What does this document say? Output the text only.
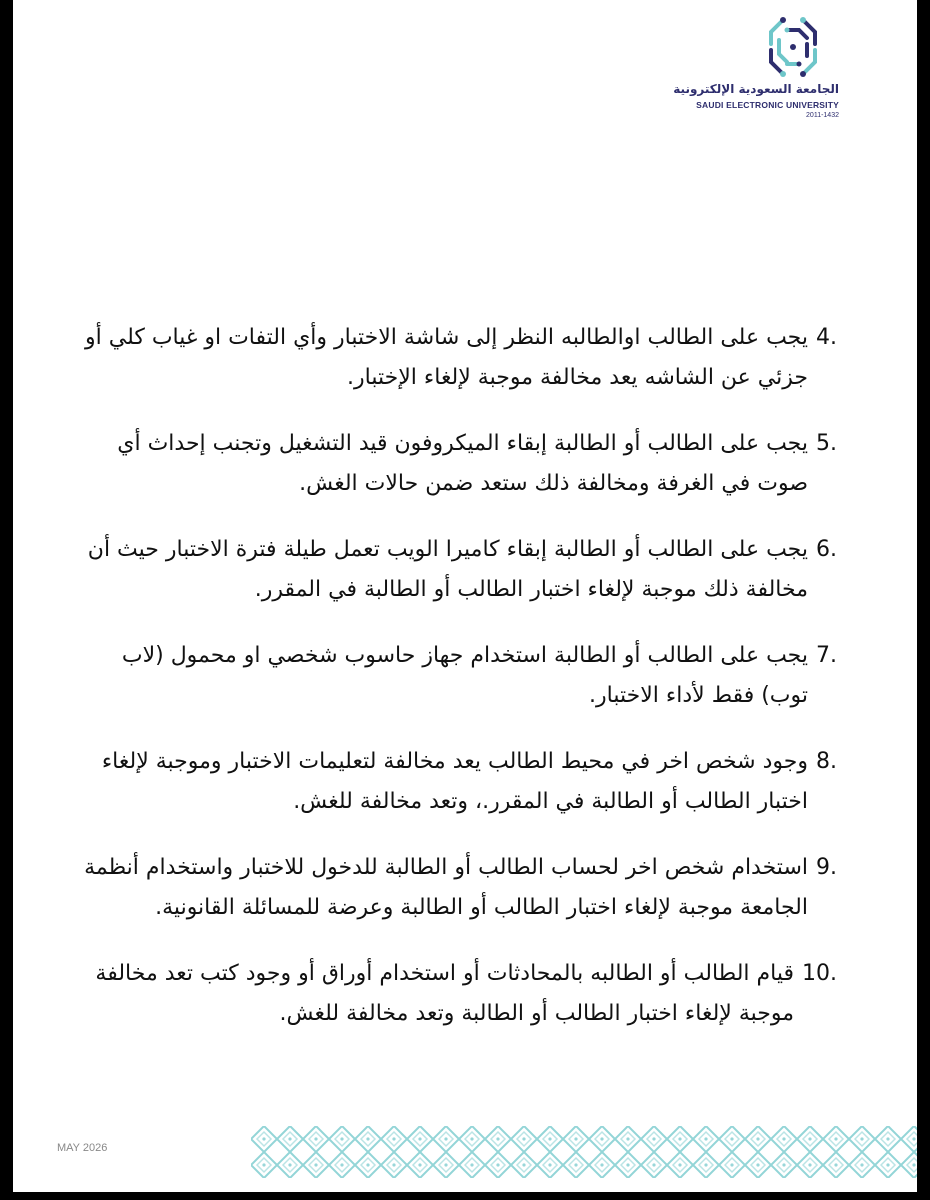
الجامعة السعودية الإلكترونية
SAUDI ELECTRONIC UNIVERSITY
2011-1432
4.
يجب على الطالب اوالطالبه النظر إلى شاشة الاختبار وأي التفات او غياب كلي أو جزئي عن الشاشه يعد مخالفة موجبة لإلغاء الإختبار.
5.
يجب على الطالب أو الطالبة إبقاء الميكروفون قيد التشغيل وتجنب إحداث أي صوت في الغرفة ومخالفة ذلك ستعد ضمن حالات الغش.
6.
يجب على الطالب أو الطالبة إبقاء كاميرا الويب تعمل طيلة فترة الاختبار حيث أن مخالفة ذلك موجبة لإلغاء اختبار الطالب أو الطالبة في المقرر.
7.
يجب على الطالب أو الطالبة استخدام جهاز حاسوب شخصي او محمول (لاب توب) فقط لأداء الاختبار.
8.
وجود شخص اخر في محيط الطالب يعد مخالفة لتعليمات الاختبار وموجبة لإلغاء اختبار الطالب أو الطالبة في المقرر.، وتعد مخالفة للغش.
9.
استخدام شخص اخر لحساب الطالب أو الطالبة للدخول للاختبار واستخدام أنظمة الجامعة موجبة لإلغاء اختبار الطالب أو الطالبة وعرضة للمسائلة القانونية.
10.
قيام الطالب أو الطالبه بالمحادثات أو استخدام أوراق أو وجود كتب تعد مخالفة موجبة لإلغاء اختبار الطالب أو الطالبة وتعد مخالفة للغش.
MAY 2026
